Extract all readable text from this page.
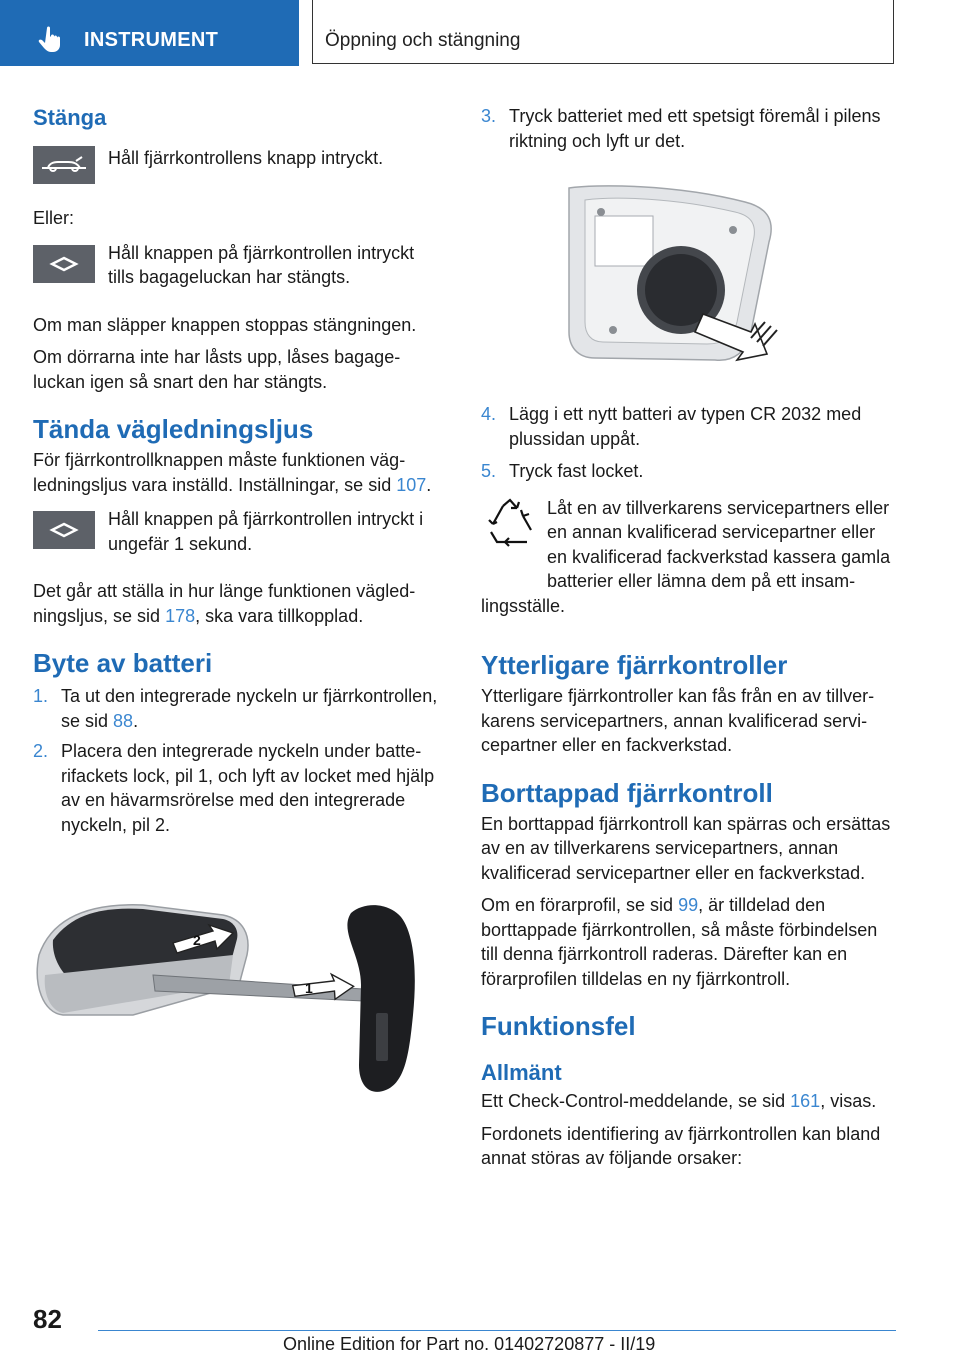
INSTRUMENT	Öppning och stängning
Stänga

Håll fjärrkontrollens knapp intryckt.

Eller:

Håll knappen på fjärrkontrollen intryckt tills bagageluckan har stängts.

Om man släpper knappen stoppas stängningen.

Om dörrarna inte har låsts upp, låses bagageluckan igen så snart den har stängts.

Tända vägledningsljus

För fjärrkontrollknappen måste funktionen vägledningsljus vara inställd. Inställningar, se sid 107.

Håll knappen på fjärrkontrollen intryckt i ungefär 1 sekund.

Det går att ställa in hur länge funktionen vägledningsljus, se sid 178, ska vara tillkopplad.

Byte av batteri
1. Ta ut den integrerade nyckeln ur fjärrkontrollen, se sid 88.
2. Placera den integrerade nyckeln under batterifackets lock, pil 1, och lyft av locket med hjälp av en hävarmsrörelse med den integrerade nyckeln, pil 2.
2
1
3. Tryck batteriet med ett spetsigt föremål i pilens riktning och lyft ur det.
4. Lägg i ett nytt batteri av typen CR 2032 med plussidan uppåt.
5. Tryck fast locket.

Låt en av tillverkarens servicepartners eller en annan kvalificerad servicepartner eller en kvalificerad fackverkstad kassera gamla batterier eller lämna dem på ett insamlingsställe.

Ytterligare fjärrkontroller

Ytterligare fjärrkontroller kan fås från en av tillverkarens servicepartners, annan kvalificerad servicepartner eller en fackverkstad.

Borttappad fjärrkontroll

En borttappad fjärrkontroll kan spärras och ersättas av en av tillverkarens servicepartners, annan kvalificerad servicepartner eller en fackverkstad.

Om en förarprofil, se sid 99, är tilldelad den borttappade fjärrkontrollen, så måste förbindelsen till denna fjärrkontroll raderas. Därefter kan en förarprofilen tilldelas en ny fjärrkontroll.

Funktionsfel
Allmänt

Ett Check-Control-meddelande, se sid 161, visas.

Fordonets identifiering av fjärrkontrollen kan bland annat störas av följande orsaker:

82
Online Edition for Part no. 01402720877 - II/19
